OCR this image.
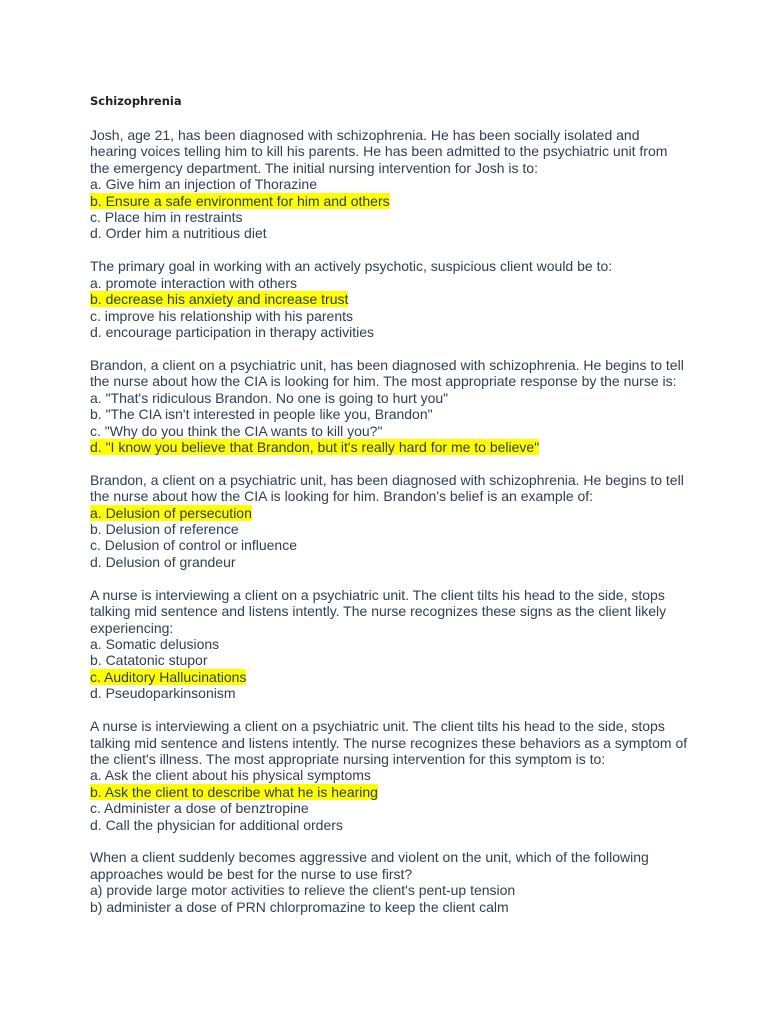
Schizophrenia

Josh, age 21, has been diagnosed with schizophrenia. He has been socially isolated and hearing voices telling him to kill his parents. He has been admitted to the psychiatric unit from the emergency department. The initial nursing intervention for Josh is to:

a. Give him an injection of Thorazine
b. Ensure a safe environment for him and others
c. Place him in restraints
d. Order him a nutritious diet

The primary goal in working with an actively psychotic, suspicious client would be to:

a. promote interaction with others
b. decrease his anxiety and increase trust
c. improve his relationship with his parents
d. encourage participation in therapy activities

Brandon, a client on a psychiatric unit, has been diagnosed with schizophrenia. He begins to tell the nurse about how the CIA is looking for him. The most appropriate response by the nurse is:

a. "That's ridiculous Brandon. No one is going to hurt you"
b. "The CIA isn't interested in people like you, Brandon"
c. "Why do you think the CIA wants to kill you?"
d. "I know you believe that Brandon, but it's really hard for me to believe"

Brandon, a client on a psychiatric unit, has been diagnosed with schizophrenia. He begins to tell the nurse about how the CIA is looking for him. Brandon's belief is an example of:

a. Delusion of persecution
b. Delusion of reference
c. Delusion of control or influence
d. Delusion of grandeur

A nurse is interviewing a client on a psychiatric unit. The client tilts his head to the side, stops talking mid sentence and listens intently. The nurse recognizes these signs as the client likely experiencing:

a. Somatic delusions
b. Catatonic stupor
c. Auditory Hallucinations
d. Pseudoparkinsonism

A nurse is interviewing a client on a psychiatric unit. The client tilts his head to the side, stops talking mid sentence and listens intently. The nurse recognizes these behaviors as a symptom of the client's illness. The most appropriate nursing intervention for this symptom is to:

a. Ask the client about his physical symptoms
b. Ask the client to describe what he is hearing
c. Administer a dose of benztropine
d. Call the physician for additional orders

When a client suddenly becomes aggressive and violent on the unit, which of the following approaches would be best for the nurse to use first?

a) provide large motor activities to relieve the client's pent-up tension
b) administer a dose of PRN chlorpromazine to keep the client calm
